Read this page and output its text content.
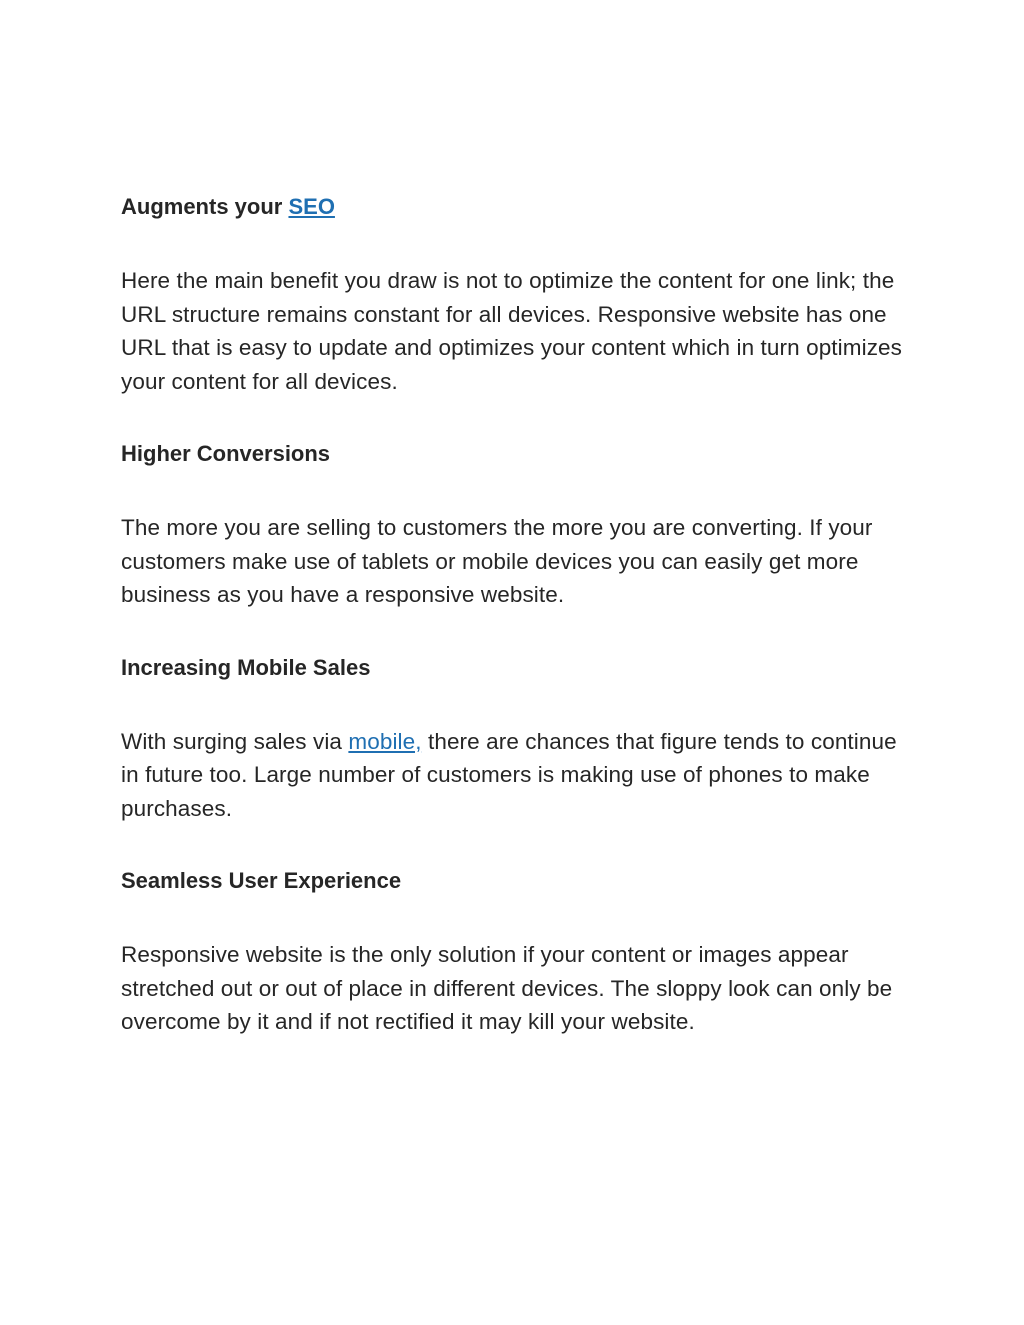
Augments your SEO

Here the main benefit you draw is not to optimize the content for one link; the URL structure remains constant for all devices. Responsive website has one URL that is easy to update and optimizes your content which in turn optimizes your content for all devices.

Higher Conversions

The more you are selling to customers the more you are converting. If your customers make use of tablets or mobile devices you can easily get more business as you have a responsive website.

Increasing Mobile Sales

With surging sales via mobile, there are chances that figure tends to continue in future too. Large number of customers is making use of phones to make purchases.

Seamless User Experience

Responsive website is the only solution if your content or images appear stretched out or out of place in different devices. The sloppy look can only be overcome by it and if not rectified it may kill your website.
